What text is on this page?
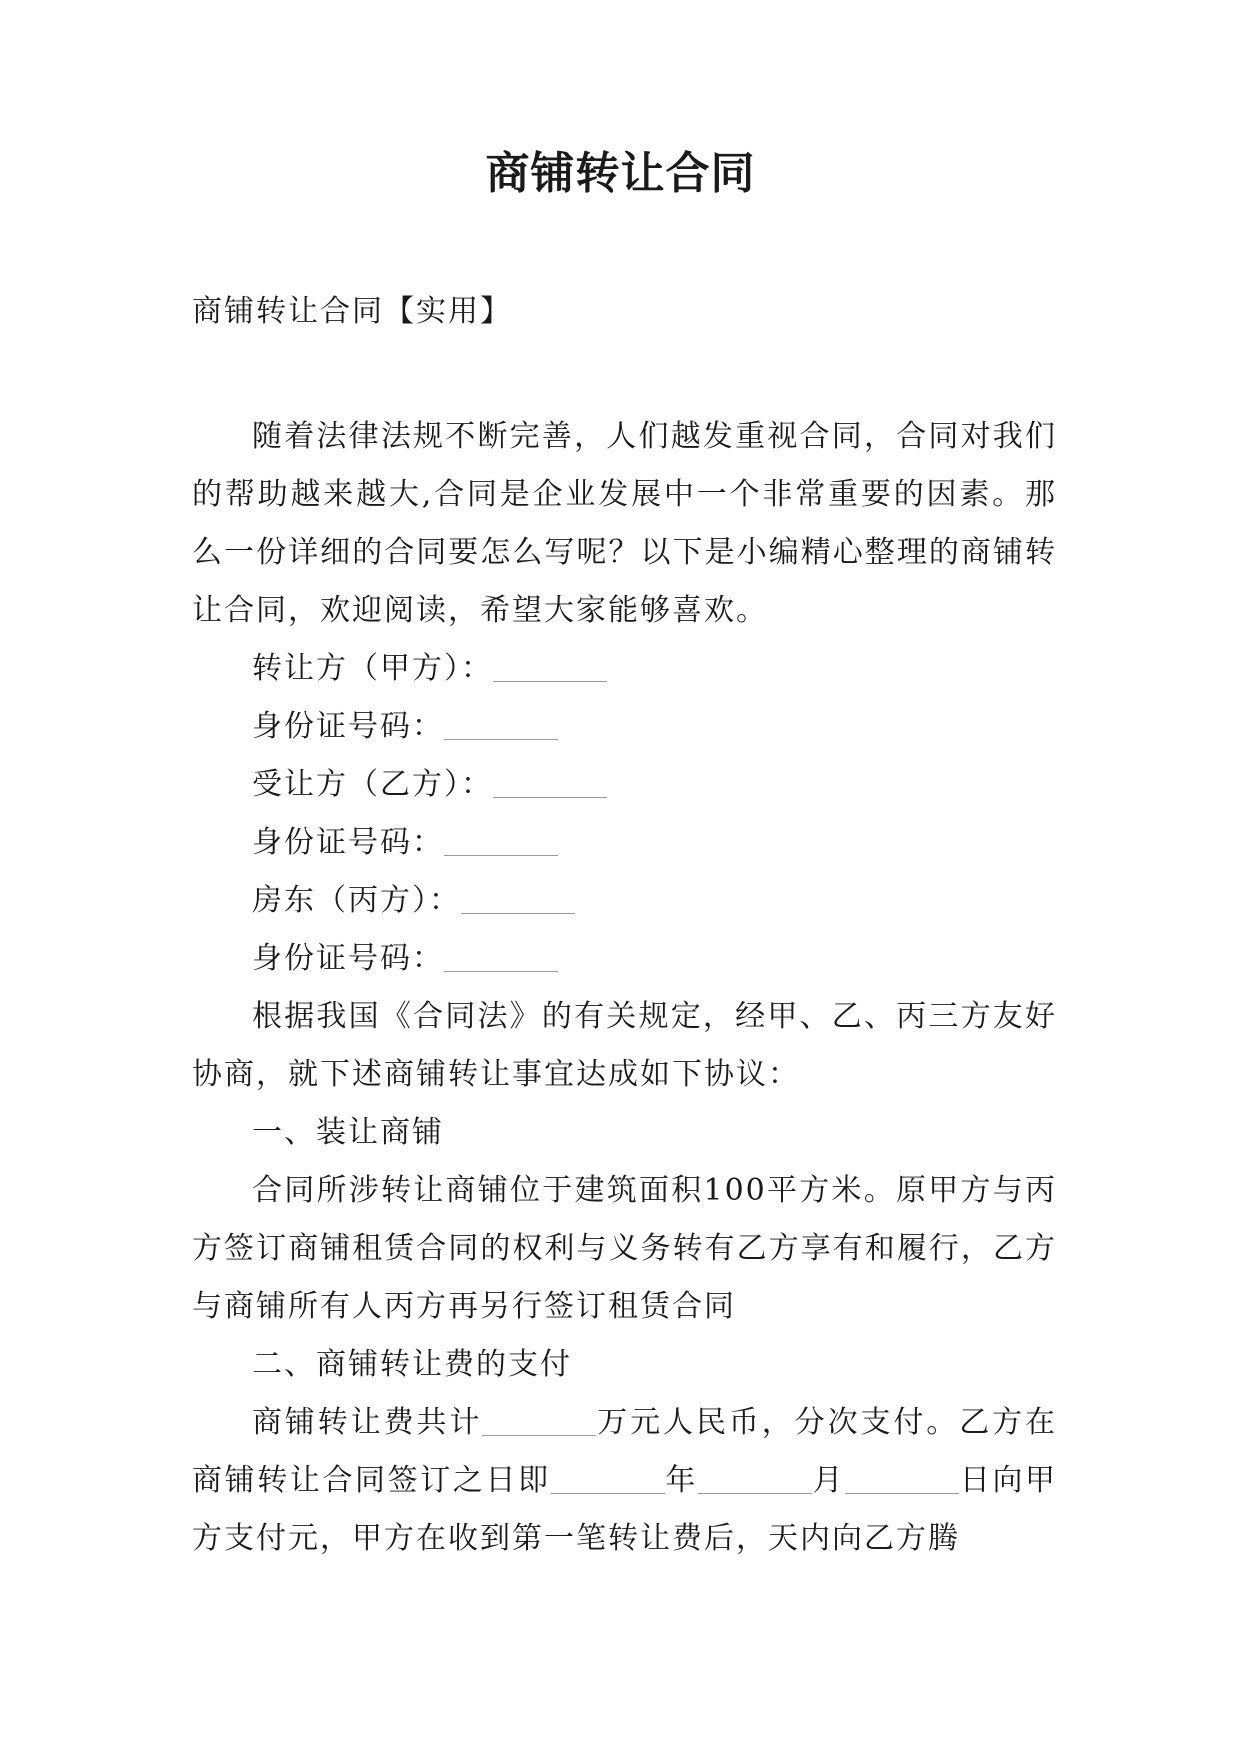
商铺转让合同
商铺转让合同【实用】

随着法律法规不断完善，人们越发重视合同，合同对我们的帮助越来越大,合同是企业发展中一个非常重要的因素。那么一份详细的合同要怎么写呢？以下是小编精心整理的商铺转让合同，欢迎阅读，希望大家能够喜欢。

转让方（甲方）：

身份证号码：

受让方（乙方）：

身份证号码：

房东（丙方）：

身份证号码：

根据我国《合同法》的有关规定，经甲、乙、丙三方友好协商，就下述商铺转让事宜达成如下协议：

一、装让商铺

合同所涉转让商铺位于建筑面积100平方米。原甲方与丙方签订商铺租赁合同的权利与义务转有乙方享有和履行，乙方与商铺所有人丙方再另行签订租赁合同

二、商铺转让费的支付

商铺转让费共计	万元人民币，分次支付。乙方在商铺转让合同签订之日即	年	月	日向甲方支付元，甲方在收到第一笔转让费后，天内向乙方腾
